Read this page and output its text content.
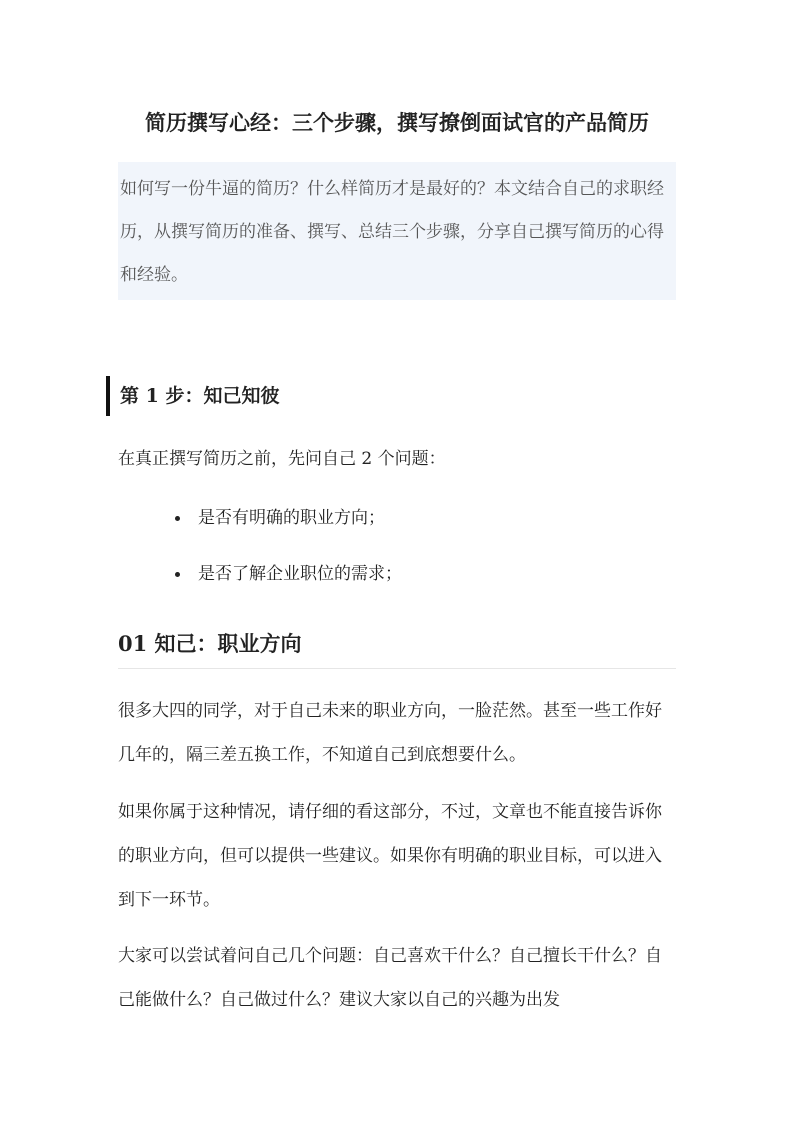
简历撰写心经：三个步骤，撰写撩倒面试官的产品简历

如何写一份牛逼的简历？什么样简历才是最好的？本文结合自己的求职经历，从撰写简历的准备、撰写、总结三个步骤，分享自己撰写简历的心得和经验。

第 1 步：知己知彼

在真正撰写简历之前，先问自己 2 个问题：

是否有明确的职业方向；
是否了解企业职位的需求；
01 知己：职业方向

很多大四的同学，对于自己未来的职业方向，一脸茫然。甚至一些工作好几年的，隔三差五换工作，不知道自己到底想要什么。

如果你属于这种情况，请仔细的看这部分，不过，文章也不能直接告诉你的职业方向，但可以提供一些建议。如果你有明确的职业目标，可以进入到下一环节。

大家可以尝试着问自己几个问题：自己喜欢干什么？自己擅长干什么？自己能做什么？自己做过什么？建议大家以自己的兴趣为出发
